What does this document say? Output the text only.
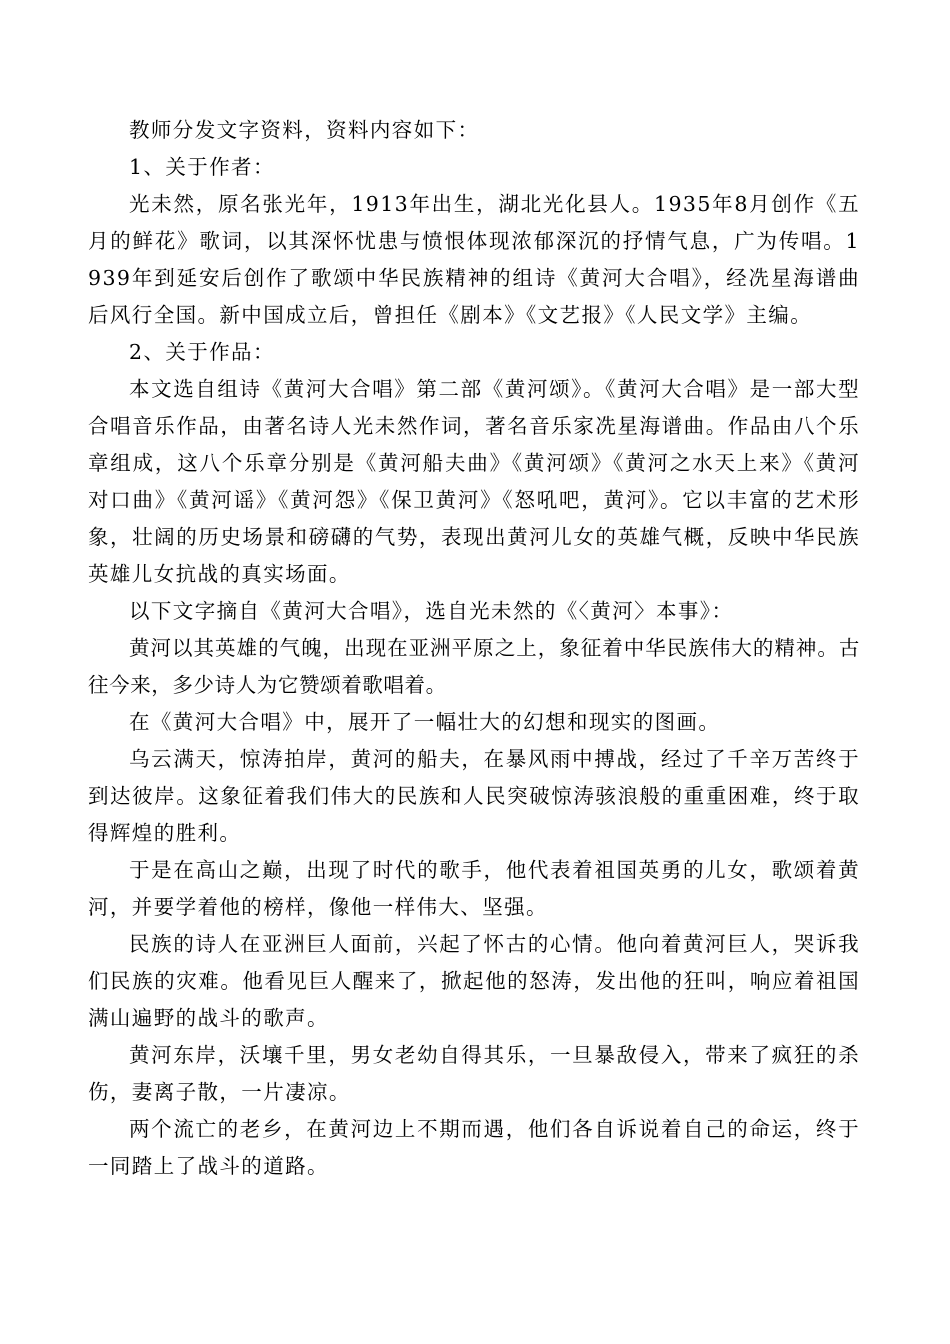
教师分发文字资料，资料内容如下：

1、关于作者：

光未然，原名张光年，1913年出生，湖北光化县人。1935年8月创作《五月的鲜花》歌词，以其深怀忧患与愤恨体现浓郁深沉的抒情气息，广为传唱。1939年到延安后创作了歌颂中华民族精神的组诗《黄河大合唱》，经冼星海谱曲后风行全国。新中国成立后，曾担任《剧本》《文艺报》《人民文学》主编。

2、关于作品：

本文选自组诗《黄河大合唱》第二部《黄河颂》。《黄河大合唱》是一部大型合唱音乐作品，由著名诗人光未然作词，著名音乐家冼星海谱曲。作品由八个乐章组成，这八个乐章分别是《黄河船夫曲》《黄河颂》《黄河之水天上来》《黄河对口曲》《黄河谣》《黄河怨》《保卫黄河》《怒吼吧，黄河》。它以丰富的艺术形象，壮阔的历史场景和磅礴的气势，表现出黄河儿女的英雄气概，反映中华民族英雄儿女抗战的真实场面。

以下文字摘自《黄河大合唱》，选自光未然的《〈黄河〉本事》：

黄河以其英雄的气魄，出现在亚洲平原之上，象征着中华民族伟大的精神。古往今来，多少诗人为它赞颂着歌唱着。

在《黄河大合唱》中，展开了一幅壮大的幻想和现实的图画。

乌云满天，惊涛拍岸，黄河的船夫，在暴风雨中搏战，经过了千辛万苦终于到达彼岸。这象征着我们伟大的民族和人民突破惊涛骇浪般的重重困难，终于取得辉煌的胜利。

于是在高山之巅，出现了时代的歌手，他代表着祖国英勇的儿女，歌颂着黄河，并要学着他的榜样，像他一样伟大、坚强。

民族的诗人在亚洲巨人面前，兴起了怀古的心情。他向着黄河巨人，哭诉我们民族的灾难。他看见巨人醒来了，掀起他的怒涛，发出他的狂叫，响应着祖国满山遍野的战斗的歌声。

黄河东岸，沃壤千里，男女老幼自得其乐，一旦暴敌侵入，带来了疯狂的杀伤，妻离子散，一片凄凉。

两个流亡的老乡，在黄河边上不期而遇，他们各自诉说着自己的命运，终于一同踏上了战斗的道路。
